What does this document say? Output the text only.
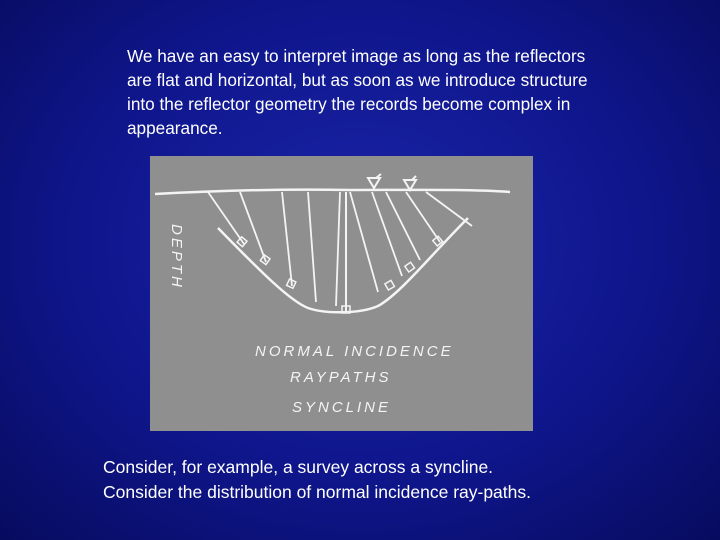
We have an easy to interpret image as long as the reflectors are flat and horizontal, but as soon as we introduce structure into the reflector geometry the records become complex in appearance.

DEPTH
NORMAL INCIDENCE
RAYPATHS
SYNCLINE

Consider, for example, a survey across a syncline.
Consider the distribution of normal incidence ray-paths.
